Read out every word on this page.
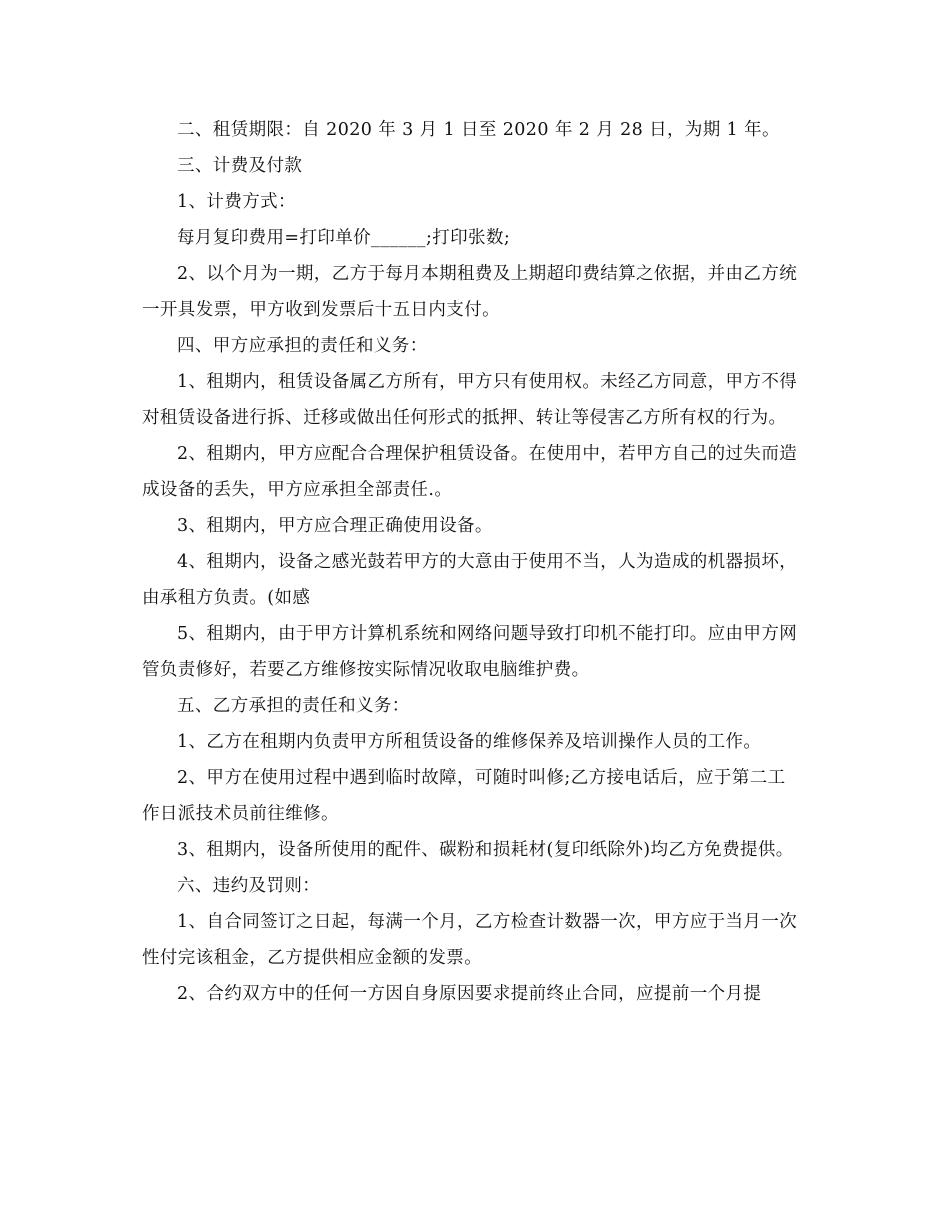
二、租赁期限：自 2020 年 3 月 1 日至 2020 年 2 月 28 日，为期 1 年。

三、计费及付款

1、计费方式：

每月复印费用=打印单价______;打印张数;

2、以个月为一期，乙方于每月本期租费及上期超印费结算之依据，并由乙方统一开具发票，甲方收到发票后十五日内支付。

四、甲方应承担的责任和义务：

1、租期内，租赁设备属乙方所有，甲方只有使用权。未经乙方同意，甲方不得对租赁设备进行拆、迁移或做出任何形式的抵押、转让等侵害乙方所有权的行为。

2、租期内，甲方应配合合理保护租赁设备。在使用中，若甲方自己的过失而造成设备的丢失，甲方应承担全部责任.。

3、租期内，甲方应合理正确使用设备。

4、租期内，设备之感光鼓若甲方的大意由于使用不当，人为造成的机器损坏，由承租方负责。(如感

5、租期内，由于甲方计算机系统和网络问题导致打印机不能打印。应由甲方网管负责修好，若要乙方维修按实际情况收取电脑维护费。

五、乙方承担的责任和义务：

1、乙方在租期内负责甲方所租赁设备的维修保养及培训操作人员的工作。

2、甲方在使用过程中遇到临时故障，可随时叫修;乙方接电话后，应于第二工作日派技术员前往维修。

3、租期内，设备所使用的配件、碳粉和损耗材(复印纸除外)均乙方免费提供。

六、违约及罚则：

1、自合同签订之日起，每满一个月，乙方检查计数器一次，甲方应于当月一次性付完该租金，乙方提供相应金额的发票。

2、合约双方中的任何一方因自身原因要求提前终止合同，应提前一个月提
